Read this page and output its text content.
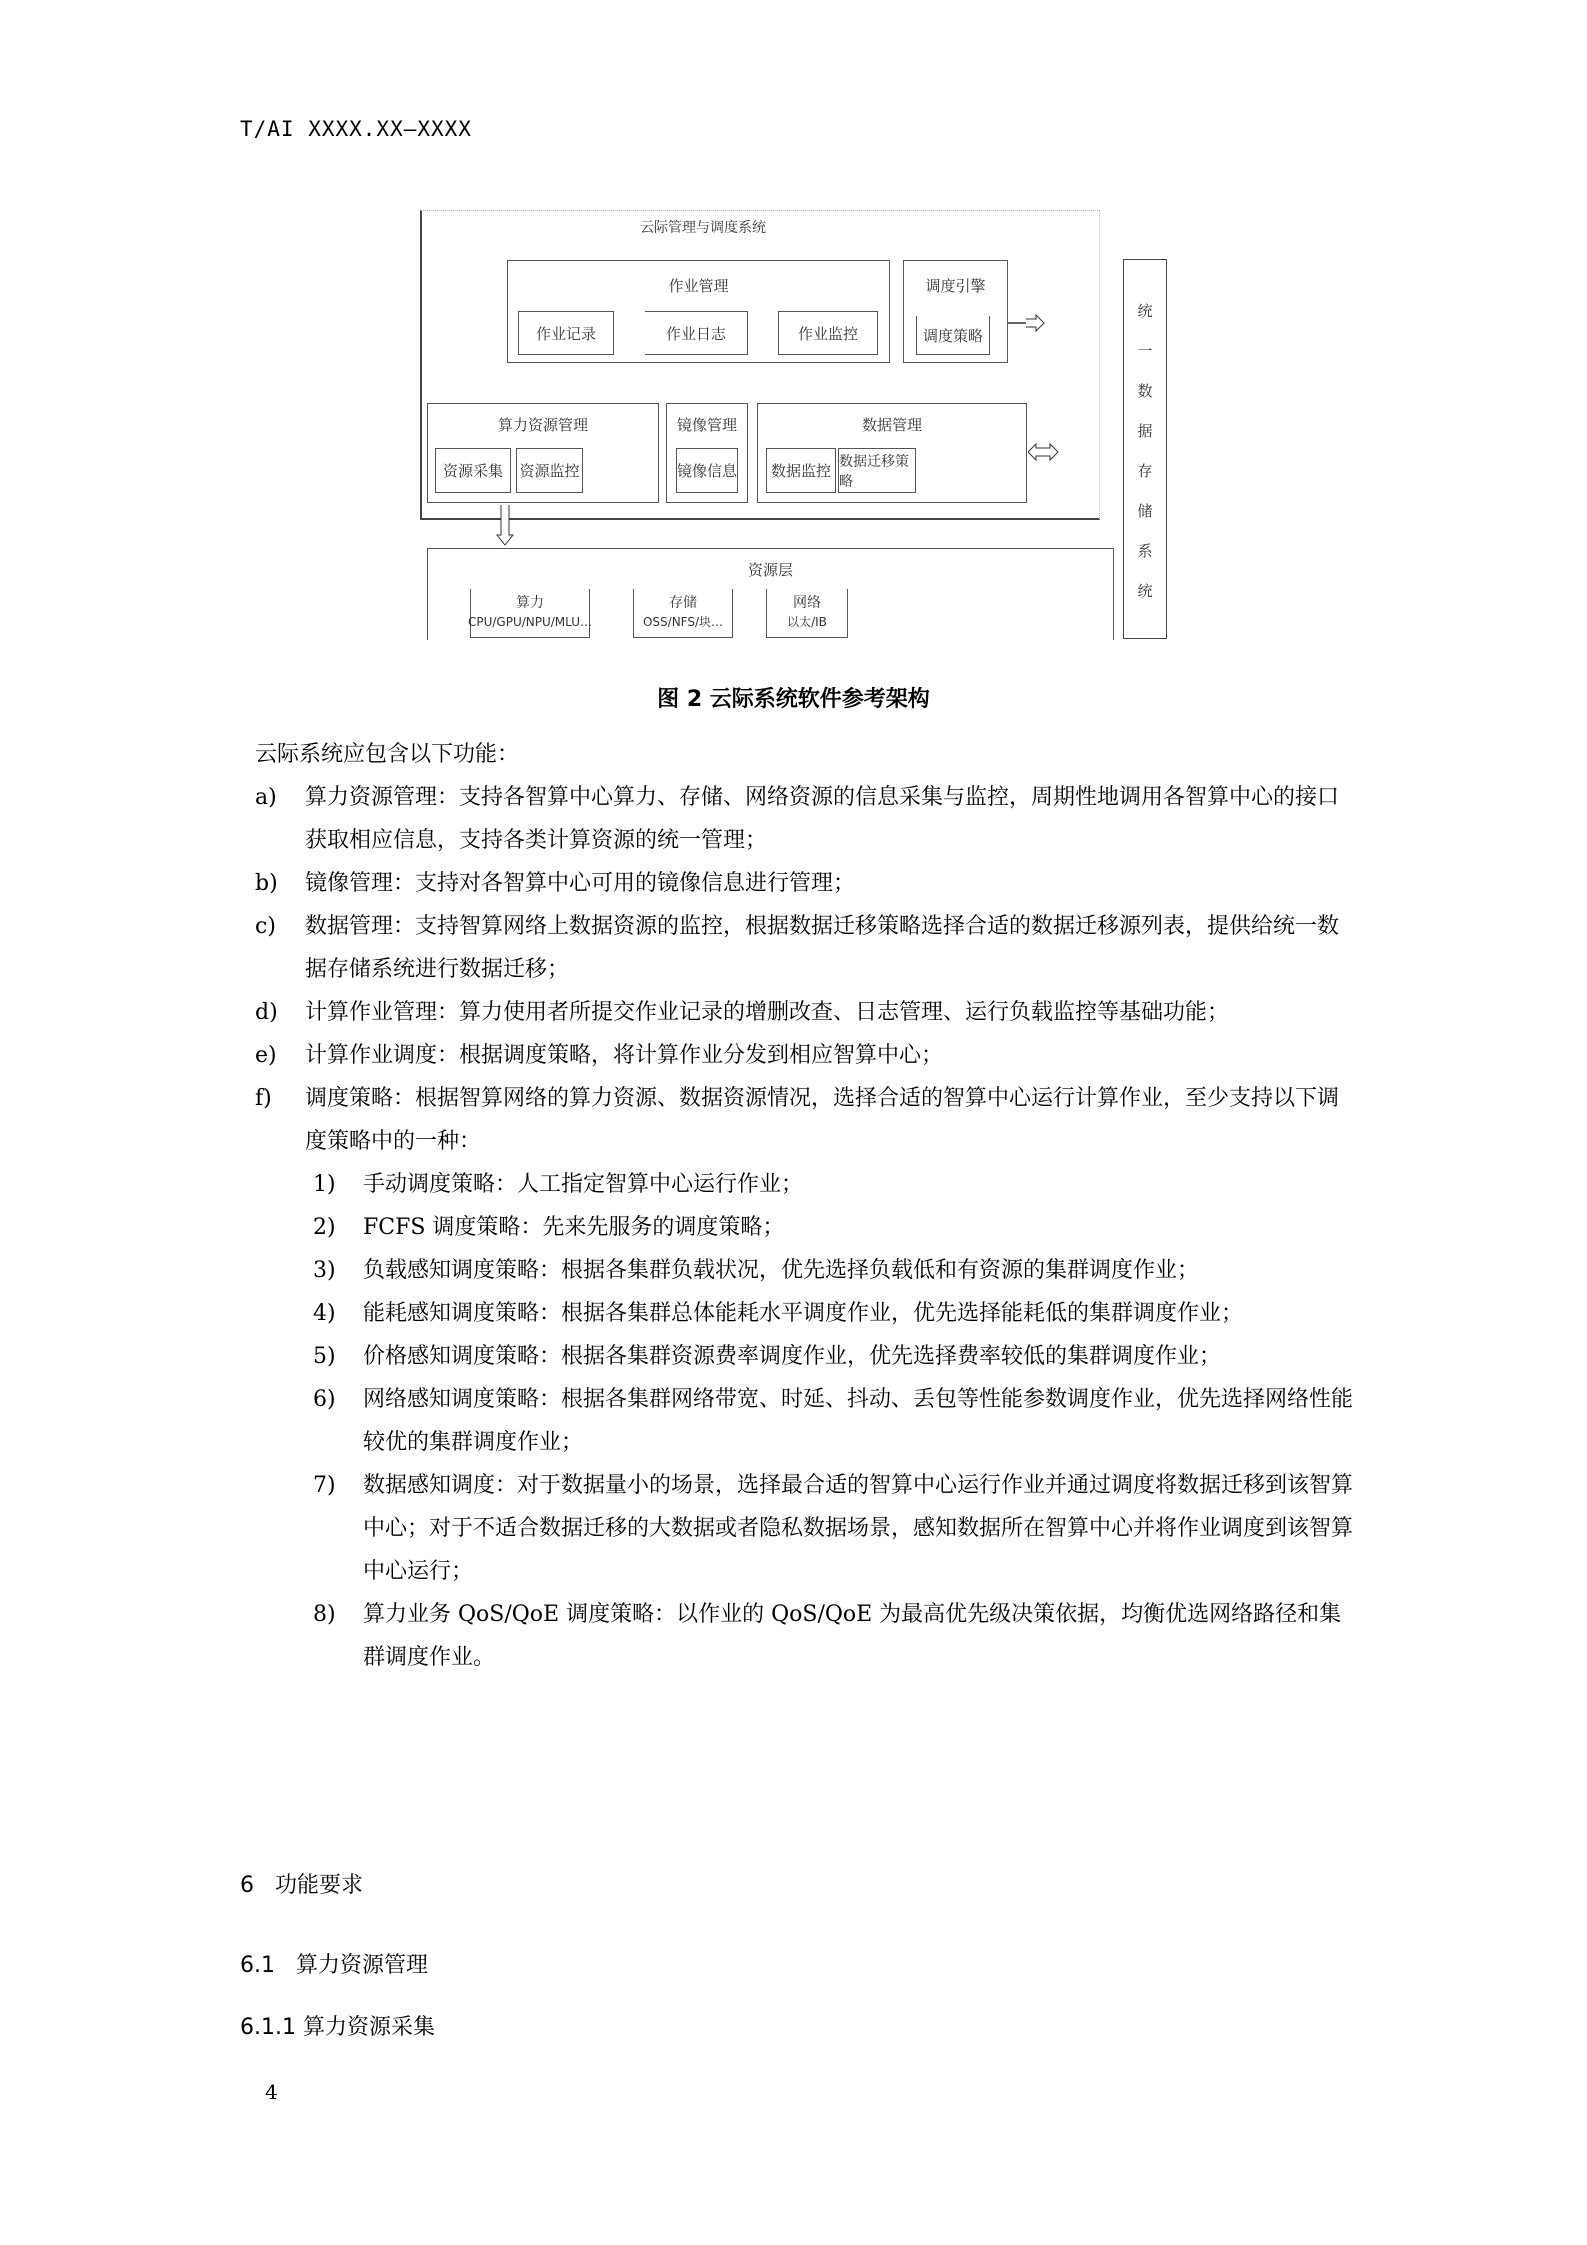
T/AI XXXX.XX—XXXX
云际管理与调度系统
作业管理
作业记录	作业日志	作业监控
调度引擎
调度策略
算力资源管理
资源采集 资源监控
镜像管理
镜像信息
数据管理
数据监控
数据迁移策略
资源层
算力
CPU/GPU/NPU/MLU…
存储
OSS/NFS/块…
网络
以太/IB
统
一
数
据
存
储
系
统
图 2 云际系统软件参考架构

云际系统应包含以下功能：

a) 算力资源管理：支持各智算中心算力、存储、网络资源的信息采集与监控，周期性地调用各智算中心的接口获取相应信息，支持各类计算资源的统一管理；

b) 镜像管理：支持对各智算中心可用的镜像信息进行管理；

c) 数据管理：支持智算网络上数据资源的监控，根据数据迁移策略选择合适的数据迁移源列表，提供给统一数据存储系统进行数据迁移；

d) 计算作业管理：算力使用者所提交作业记录的增删改查、日志管理、运行负载监控等基础功能；

e) 计算作业调度：根据调度策略，将计算作业分发到相应智算中心；

f) 调度策略：根据智算网络的算力资源、数据资源情况，选择合适的智算中心运行计算作业，至少支持以下调度策略中的一种：

1) 手动调度策略：人工指定智算中心运行作业；

2) FCFS 调度策略：先来先服务的调度策略；

3) 负载感知调度策略：根据各集群负载状况，优先选择负载低和有资源的集群调度作业；

4) 能耗感知调度策略：根据各集群总体能耗水平调度作业，优先选择能耗低的集群调度作业；

5) 价格感知调度策略：根据各集群资源费率调度作业，优先选择费率较低的集群调度作业；

6) 网络感知调度策略：根据各集群网络带宽、时延、抖动、丢包等性能参数调度作业，优先选择网络性能较优的集群调度作业；

7) 数据感知调度：对于数据量小的场景，选择最合适的智算中心运行作业并通过调度将数据迁移到该智算中心；对于不适合数据迁移的大数据或者隐私数据场景，感知数据所在智算中心并将作业调度到该智算中心运行；

8) 算力业务 QoS/QoE 调度策略：以作业的 QoS/QoE 为最高优先级决策依据，均衡优选网络路径和集群调度作业。

6   功能要求
6.1   算力资源管理
6.1.1 算力资源采集
4
